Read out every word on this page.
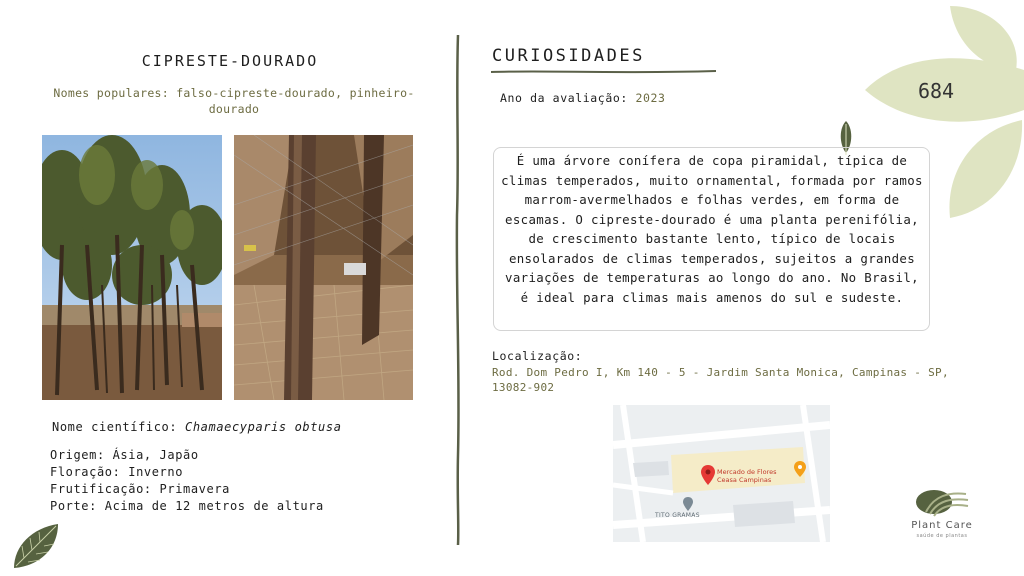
684
CIPRESTE-DOURADO
Nomes populares: falso-cipreste-dourado, pinheiro-dourado
Nome científico: Chamaecyparis obtusa
Origem: Ásia, Japão
Floração: Inverno
Frutificação: Primavera
Porte: Acima de 12 metros de altura
CURIOSIDADES
Ano da avaliação: 2023
É uma árvore conífera de copa piramidal, típica de climas temperados, muito ornamental, formada por ramos marrom-avermelhados e folhas verdes, em forma de escamas. O cipreste-dourado é uma planta perenifólia, de crescimento bastante lento, típico de locais ensolarados de climas temperados, sujeitos a grandes variações de temperaturas ao longo do ano. No Brasil, é ideal para climas mais amenos do sul e sudeste.
Localização:
Rod. Dom Pedro I, Km 140 - 5 - Jardim Santa Monica, Campinas - SP, 13082-902
Mercado de Flores
Ceasa Campinas
TITO GRAMAS
Plant Care
saúde de plantas
